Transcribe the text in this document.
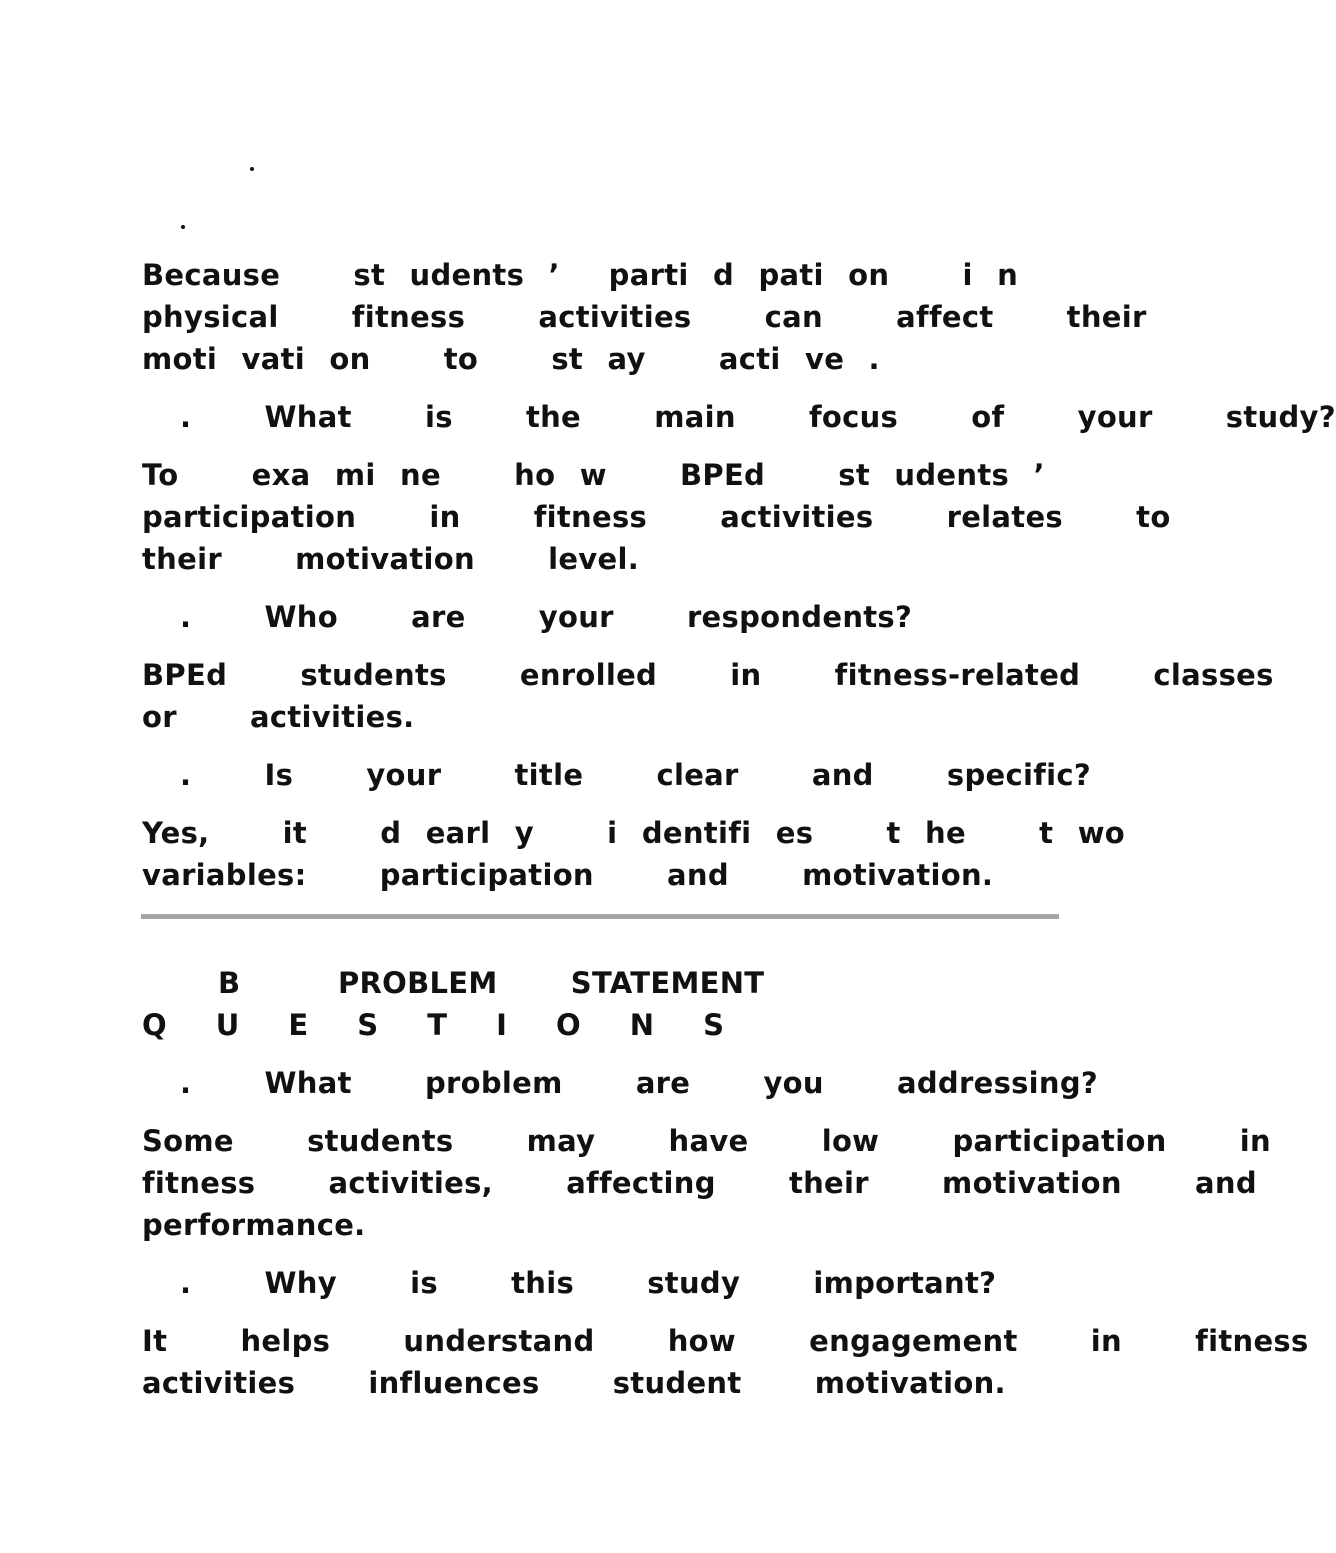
Because   st udents ’  parti d pati on   i n
physical   fitness   activities   can   affect   their
moti vati on   to   st ay   acti ve .
.   What   is   the   main   focus   of   your   study?
To   exa mi ne   ho w   BPEd   st udents ’
participation   in   fitness   activities   relates   to
their   motivation   level.
.   Who   are   your   respondents?
BPEd   students   enrolled   in   fitness-related   classes
or   activities.
.   Is   your   title   clear   and   specific?
Yes,   it   d earl y   i dentifi es   t he   t wo
variables:   participation   and   motivation.
B    PROBLEM   STATEMENT
Q  U  E  S  T  I  O  N  S
.   What   problem   are   you   addressing?
Some   students   may   have   low   participation   in
fitness   activities,   affecting   their   motivation   and
performance.
.   Why   is   this   study   important?
It   helps   understand   how   engagement   in   fitness
activities   influences   student   motivation.
